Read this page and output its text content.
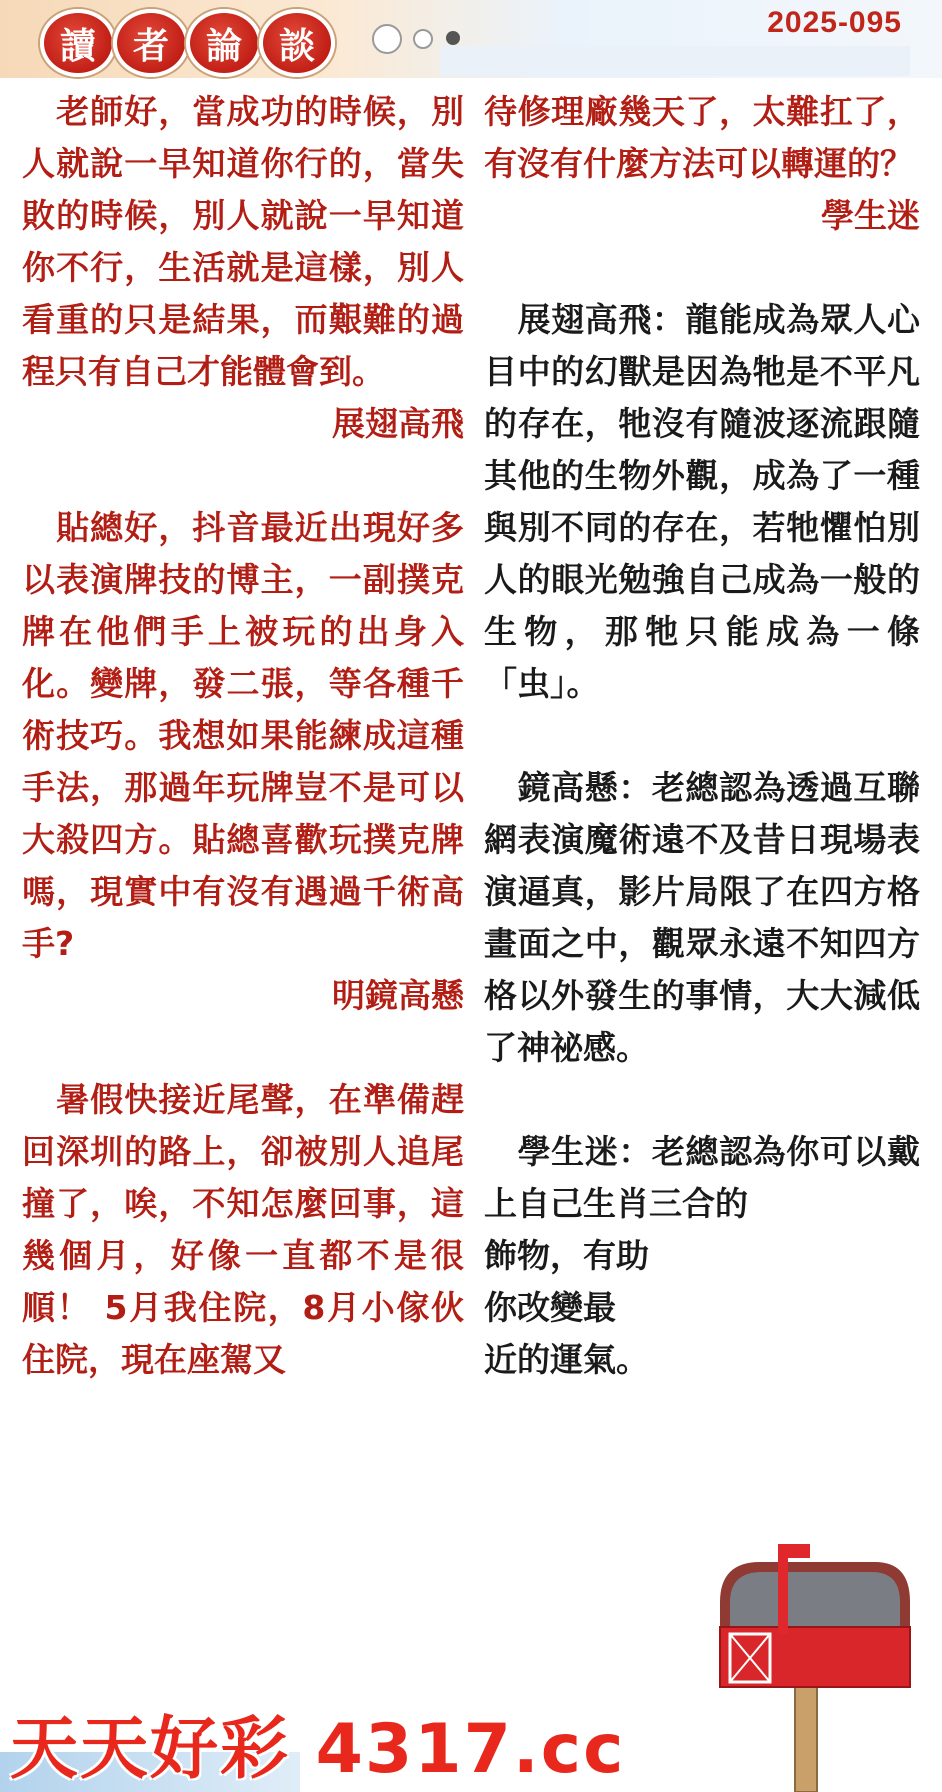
讀	者	論	談
2025-095
　老師好，當成功的時候，別人就說一早知道你行的，當失敗的時候，別人就說一早知道你不行，生活就是這樣，別人看重的只是結果，而艱難的過程只有自己才能體會到。
展翅高飛
　貼總好，抖音最近出現好多以表演牌技的博主，一副撲克牌在他們手上被玩的出身入化。變牌，發二張，等各種千術技巧。我想如果能練成這種手法，那過年玩牌豈不是可以大殺四方。貼總喜歡玩撲克牌嗎，現實中有沒有遇過千術高手?
明鏡高懸
　暑假快接近尾聲，在準備趕回深圳的路上，卻被別人追尾撞了，唉，不知怎麼回事，這幾個月，好像一直都不是很順！ 5月我住院，8月小傢伙住院，現在座駕又
待修理廠幾天了，太難扛了，有沒有什麼方法可以轉運的？
學生迷
　展翅高飛：龍能成為眾人心目中的幻獸是因為牠是不平凡的存在，牠沒有隨波逐流跟隨其他的生物外觀，成為了一種與別不同的存在，若牠懼怕別人的眼光勉強自己成為一般的生物，那牠只能成為一條「虫」。
　鏡高懸：老總認為透過互聯網表演魔術遠不及昔日現場表演逼真，影片局限了在四方格畫面之中，觀眾永遠不知四方格以外發生的事情，大大減低了神祕感。
　學生迷：老總認為你可以戴上自己生肖三合的
飾物，有助
你改變最
近的運氣。
天天好彩 4317.cc
